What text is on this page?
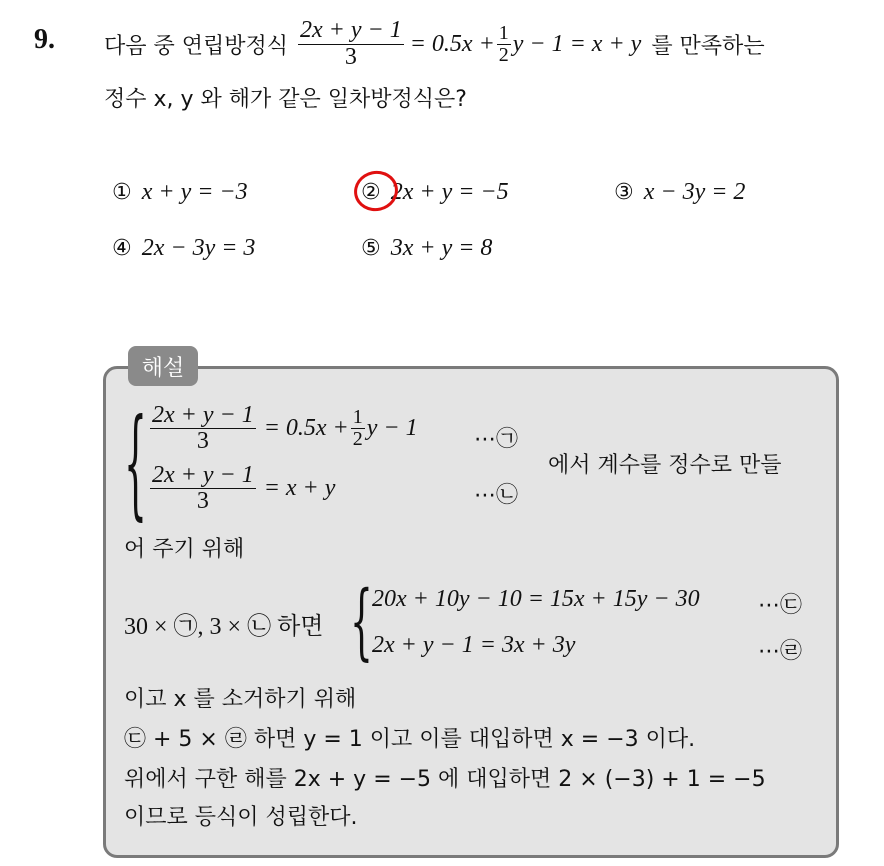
9. 다음 중 연립방정식 $\frac{2x + y - 1}{3} = 0.5x + \frac{1}{2}$ y − 1 = x + y 를 만족하는
정수 x, y 와 해가 같은 일차방정식은?
① x + y = −3	② 2x + y = −5	③ x − 3y = 2
④ 2x − 3y = 3	⑤ 3x + y = 8
해설
{ $\frac{2x + y - 1}{3} = 0.5x + \frac{1}{2}$ y − 1	⋯㉠
$\frac{2x + y - 1}{3} = x + y$	⋯㉡
에서 계수를 정수로 만들
어 주기 위해
30 × ㉠, 3 × ㉡ 하면 { 20x + 10y − 10 = 15x + 15y − 30	⋯㉢
2x + y − 1 = 3x + 3y	⋯㉣
이고 x 를 소거하기 위해
㉢ + 5 × ㉣ 하면 y = 1 이고 이를 대입하면 x = −3 이다.
위에서 구한 해를 2x + y = −5 에 대입하면 2 × (−3) + 1 = −5
이므로 등식이 성립한다.
